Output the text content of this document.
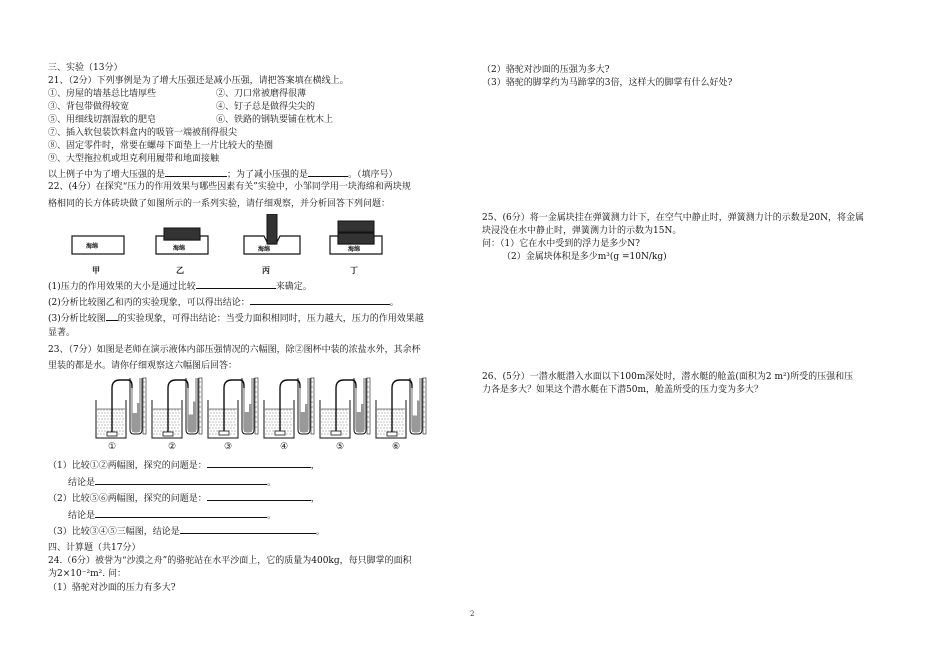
三、实验（13分）
21、（2分）下列事例是为了增大压强还是减小压强，请把答案填在横线上。
①、房屋的墙基总比墙厚些	②、刀口常被磨得很薄
③、背包带做得较宽	④、钉子总是做得尖尖的
⑤、用细线切割湿软的肥皂	⑥、铁路的钢轨要铺在枕木上
⑦、插入软包装饮料盒内的吸管一端被削得很尖
⑧、固定零件时，常要在螺母下面垫上一片比较大的垫圈
⑨、大型拖拉机或坦克利用履带和地面接触
以上例子中为了增大压强的是	；为了减小压强的是	。（填序号）
22、(4分）在探究“压力的作用效果与哪些因素有关”实验中，小邹同学用一块海绵和两块规
格相同的长方体砖块做了如图所示的一系列实验，请仔细观察，并分析回答下列问题：
海绵	海绵	海绵	海绵
甲	乙	丙	丁
(1)压力的作用效果的大小是通过比较	来确定。
(2)分析比较图乙和丙的实验现象，可以得出结论：	。
(3)分析比较图 的实验现象，可得出结论：当受力面积相同时，压力越大，压力的作用效果越
显著。
23、（7分）如图是老师在演示液体内部压强情况的六幅图，除②图杯中装的浓盐水外，其余杯
里装的都是水。请你仔细观察这六幅图后回答：
①	②	③	④	⑤	⑥
（1）比较①②两幅图，探究的问题是：	，
结论是	。
（2）比较⑤⑥两幅图，探究的问题是：	，
结论是	。
（3）比较③④⑤三幅图，结论是	。
四、计算题（共17分）
24.（6分）被誉为“沙漠之舟”的骆驼站在水平沙面上，它的质量为400kg，每只脚掌的面积
为2×10⁻²m². 问：
（1）骆驼对沙面的压力有多大?
（2）骆驼对沙面的压强为多大?
（3）骆驼的脚掌约为马蹄掌的3倍，这样大的脚掌有什么好处?
25、(6分）将一金属块挂在弹簧测力计下，在空气中静止时，弹簧测力计的示数是20N，将金属
块浸没在水中静止时，弹簧测力计的示数为15N。
问：（1）它在水中受到的浮力是多少N?
（2）金属块体积是多少m³(g =10N/kg)
26、(5分）一潜水艇潜入水面以下100m深处时，潜水艇的舱盖(面积为2 m²)所受的压强和压
力各是多大？如果这个潜水艇在下潜50m，舱盖所受的压力变为多大？
2
